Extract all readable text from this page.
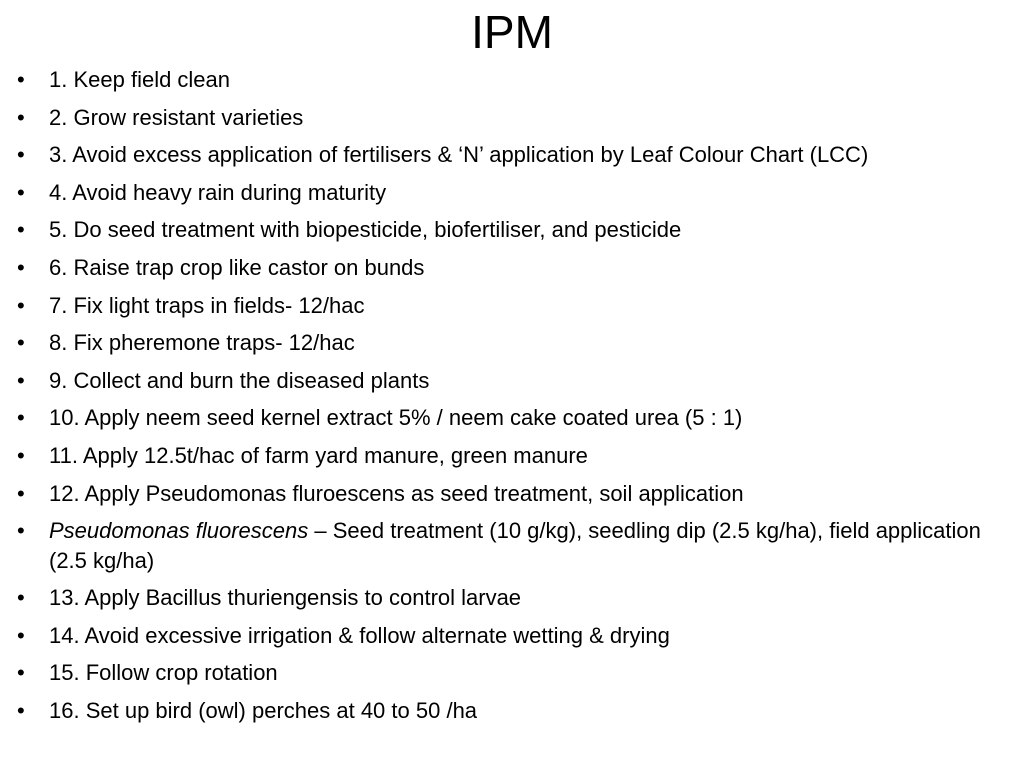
IPM
• 1. Keep field clean
• 2. Grow resistant varieties
• 3. Avoid excess application of fertilisers & ‘N’ application by Leaf Colour Chart (LCC)
• 4. Avoid heavy rain during maturity
• 5. Do seed treatment with biopesticide, biofertiliser, and pesticide
• 6. Raise trap crop like castor on bunds
• 7. Fix light traps in fields- 12/hac
• 8. Fix pheremone traps- 12/hac
• 9. Collect and burn the diseased plants
• 10. Apply neem seed kernel extract 5% / neem cake coated urea (5 : 1)
• 11. Apply 12.5t/hac of farm yard manure, green manure
• 12. Apply Pseudomonas fluroescens as seed treatment, soil application
• Pseudomonas fluorescens – Seed treatment (10 g/kg), seedling dip (2.5 kg/ha), field application (2.5 kg/ha)
• 13. Apply Bacillus thuriengensis to control larvae
• 14. Avoid excessive irrigation & follow alternate wetting & drying
• 15. Follow crop rotation
• 16. Set up bird (owl) perches at 40 to 50 /ha
